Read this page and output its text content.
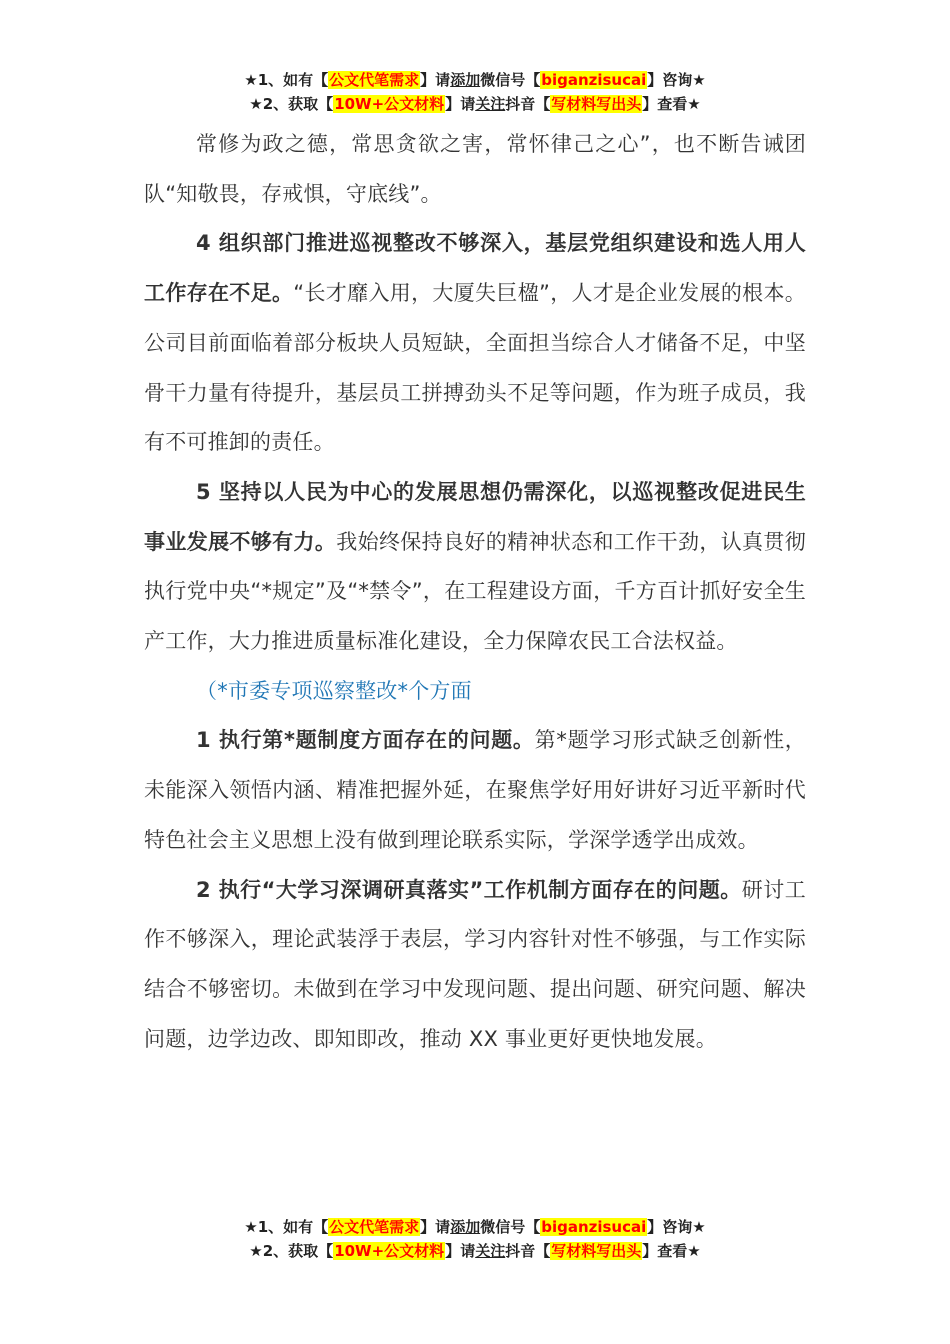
★1、如有【公文代笔需求】请添加微信号【biganzisucai】咨询★
★2、获取【10W+公文材料】请关注抖音【写材料写出头】查看★

常修为政之德，常思贪欲之害，常怀律己之心”，也不断告诫团队“知敬畏，存戒惧，守底线”。

4 组织部门推进巡视整改不够深入，基层党组织建设和选人用人工作存在不足。“长才靡入用，大厦失巨楹”，人才是企业发展的根本。公司目前面临着部分板块人员短缺，全面担当综合人才储备不足，中坚骨干力量有待提升，基层员工拼搏劲头不足等问题，作为班子成员，我有不可推卸的责任。

5 坚持以人民为中心的发展思想仍需深化，以巡视整改促进民生事业发展不够有力。我始终保持良好的精神状态和工作干劲，认真贯彻执行党中央“*规定”及“*禁令”，在工程建设方面，千方百计抓好安全生产工作，大力推进质量标准化建设，全力保障农民工合法权益。

（*市委专项巡察整改*个方面

1 执行第*题制度方面存在的问题。第*题学习形式缺乏创新性，未能深入领悟内涵、精准把握外延，在聚焦学好用好讲好习近平新时代特色社会主义思想上没有做到理论联系实际，学深学透学出成效。

2 执行“大学习深调研真落实”工作机制方面存在的问题。研讨工作不够深入，理论武装浮于表层，学习内容针对性不够强，与工作实际结合不够密切。未做到在学习中发现问题、提出问题、研究问题、解决问题，边学边改、即知即改，推动 XX 事业更好更快地发展。

★1、如有【公文代笔需求】请添加微信号【biganzisucai】咨询★
★2、获取【10W+公文材料】请关注抖音【写材料写出头】查看★
